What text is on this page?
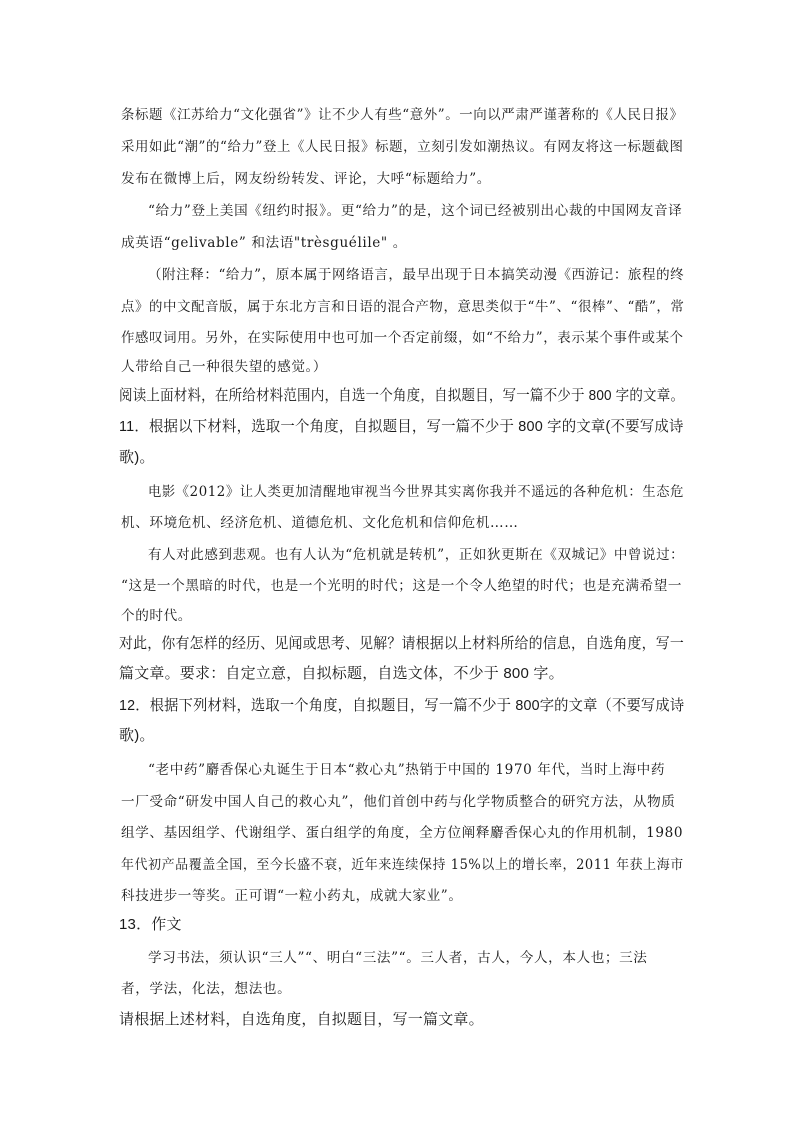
条标题《江苏给力“文化强省”》让不少人有些“意外”。一向以严肃严谨著称的《人民日报》

采用如此“潮”的“给力”登上《人民日报》标题，立刻引发如潮热议。有网友将这一标题截图

发布在微博上后，网友纷纷转发、评论，大呼“标题给力”。

“给力”登上美国《纽约时报》。更“给力”的是，这个词已经被别出心裁的中国网友音译

成英语“gelivable” 和法语"trèsguélile" 。

（附注释：“给力”，原本属于网络语言，最早出现于日本搞笑动漫《西游记：旅程的终

点》的中文配音版，属于东北方言和日语的混合产物，意思类似于“牛”、“很棒”、“酷”，常

作感叹词用。另外，在实际使用中也可加一个否定前缀，如“不给力”，表示某个事件或某个

人带给自己一种很失望的感觉。）

阅读上面材料，在所给材料范围内，自选一个角度，自拟题目，写一篇不少于 800 字的文章。

11．根据以下材料，选取一个角度，自拟题目，写一篇不少于 800 字的文章(不要写成诗

歌)。

电影《2012》让人类更加清醒地审视当今世界其实离你我并不遥远的各种危机：生态危

机、环境危机、经济危机、道德危机、文化危机和信仰危机……

有人对此感到悲观。也有人认为“危机就是转机”，正如狄更斯在《双城记》中曾说过：

“这是一个黑暗的时代，也是一个光明的时代；这是一个令人绝望的时代；也是充满希望一

个的时代。

对此，你有怎样的经历、见闻或思考、见解？请根据以上材料所给的信息，自选角度，写一

篇文章。要求：自定立意，自拟标题，自选文体，不少于 800 字。

12．根据下列材料，选取一个角度，自拟题目，写一篇不少于 800字的文章（不要写成诗

歌)。

“老中药”麝香保心丸诞生于日本“救心丸”热销于中国的 1970 年代，当时上海中药

一厂受命“研发中国人自己的救心丸”，他们首创中药与化学物质整合的研究方法，从物质

组学、基因组学、代谢组学、蛋白组学的角度，全方位阐释麝香保心丸的作用机制，1980

年代初产品覆盖全国，至今长盛不衰，近年来连续保持 15%以上的增长率，2011 年获上海市

科技进步一等奖。正可谓“一粒小药丸，成就大家业”。

13．作文

学习书法，须认识“三人”“、明白“三法”“。三人者，古人，今人，本人也；三法

者，学法，化法，想法也。

请根据上述材料，自选角度，自拟题目，写一篇文章。
